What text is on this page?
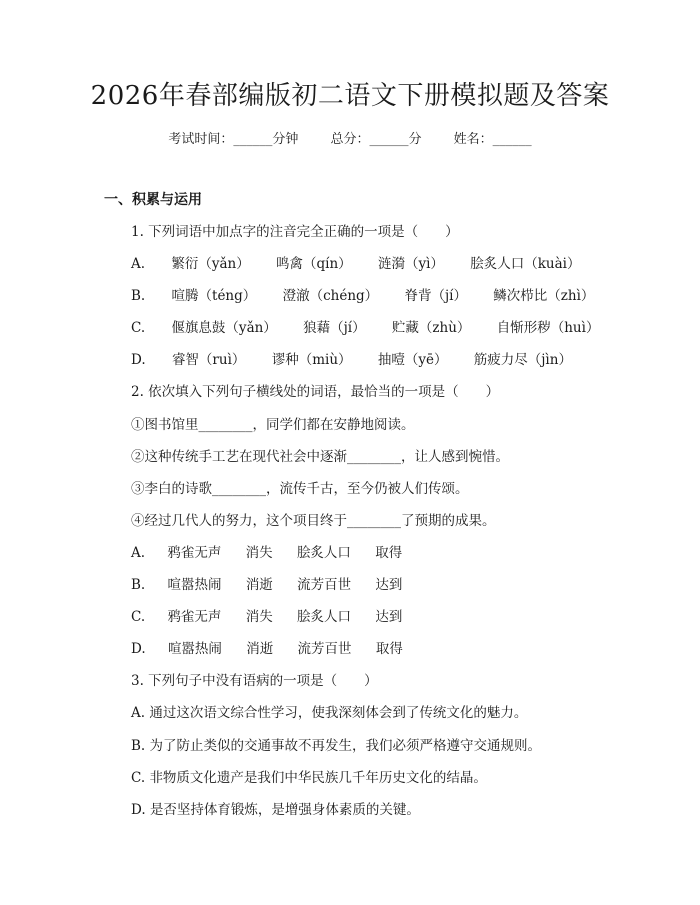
2026年春部编版初二语文下册模拟题及答案
考试时间：______分钟 总分：______分 姓名：______
一、积累与运用
1. 下列词语中加点字的注音完全正确的一项是（　　）
A. 繁衍（yǎn） 鸣禽（qín） 涟漪（yì） 脍炙人口（kuài）
B. 喧腾（téng） 澄澈（chéng） 脊背（jí） 鳞次栉比（zhì）
C. 偃旗息鼓（yǎn） 狼藉（jí） 贮藏（zhù） 自惭形秽（huì）
D. 睿智（ruì） 谬种（miù） 抽噎（yē） 筋疲力尽（jìn）
2. 依次填入下列句子横线处的词语，最恰当的一项是（　　）
①图书馆里________，同学们都在安静地阅读。
②这种传统手工艺在现代社会中逐渐________，让人感到惋惜。
③李白的诗歌________，流传千古，至今仍被人们传颂。
④经过几代人的努力，这个项目终于________了预期的成果。
A. 鸦雀无声 消失 脍炙人口 取得
B. 喧嚣热闹 消逝 流芳百世 达到
C. 鸦雀无声 消失 脍炙人口 达到
D. 喧嚣热闹 消逝 流芳百世 取得
3. 下列句子中没有语病的一项是（　　）
A. 通过这次语文综合性学习，使我深刻体会到了传统文化的魅力。
B. 为了防止类似的交通事故不再发生，我们必须严格遵守交通规则。
C. 非物质文化遗产是我们中华民族几千年历史文化的结晶。
D. 是否坚持体育锻炼，是增强身体素质的关键。
